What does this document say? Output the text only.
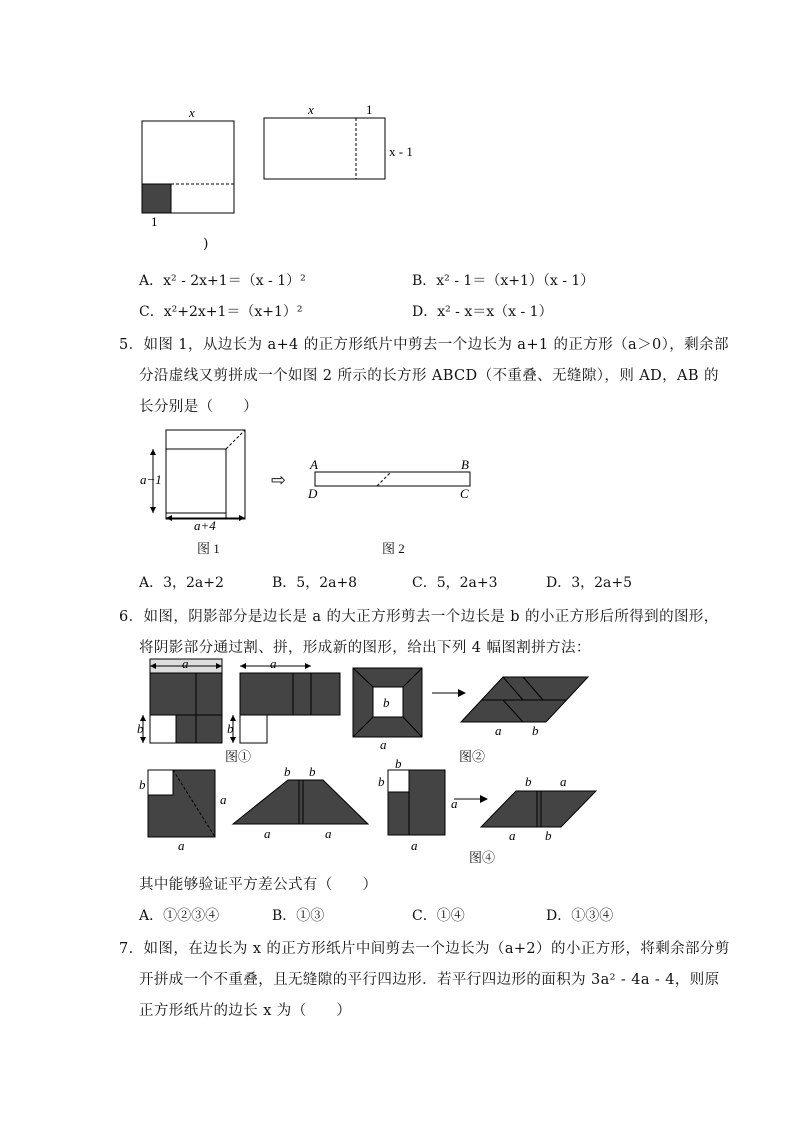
x
1
x	1
x - 1
)
A．x² - 2x+1＝（x - 1）²	B．x² - 1＝（x+1）（x - 1）
C．x²+2x+1＝（x+1）²	D．x² - x＝x（x - 1）
5．如图 1，从边长为 a+4 的正方形纸片中剪去一个边长为 a+1 的正方形（a＞0），剩余部
分沿虚线又剪拼成一个如图 2 所示的长方形 ABCD（不重叠、无缝隙），则 AD，AB 的
长分别是（　　）
a−1
a+4
图 1
⇨
A	B
D	C
图 2
A．3，2a+2	B．5，2a+8	C．5，2a+3	D．3，2a+5
6．如图，阴影部分是边长是 a 的大正方形剪去一个边长是 b 的小正方形后所得到的图形，
将阴影部分通过割、拼，形成新的图形，给出下列 4 幅图割拼方法：
a
b
a
b
图①
b
a
a b
图②
b
a
a
b b
a	a
b
b
a
a
b a
a b
图④
其中能够验证平方差公式有（　　）
A．①②③④	B．①③	C．①④	D．①③④
7．如图，在边长为 x 的正方形纸片中间剪去一个边长为（a+2）的小正方形，将剩余部分剪
开拼成一个不重叠，且无缝隙的平行四边形．若平行四边形的面积为 3a² - 4a - 4，则原
正方形纸片的边长 x 为（　　）
